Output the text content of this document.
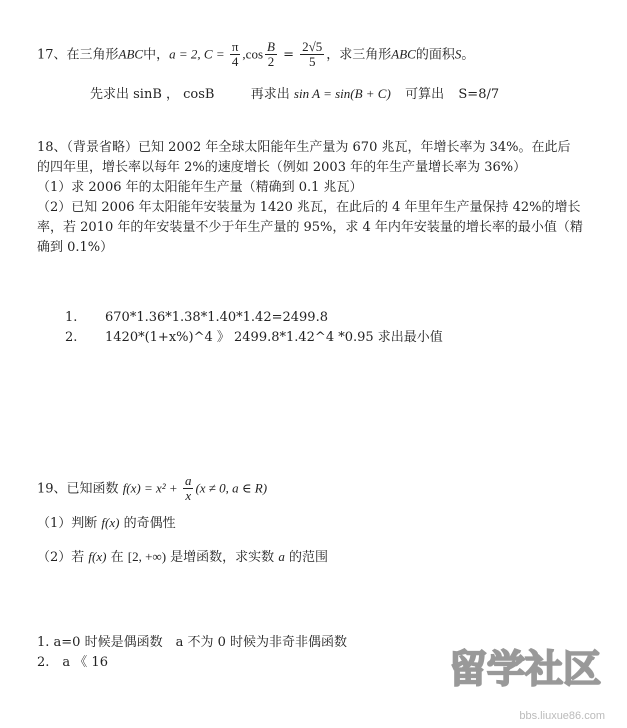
17、在三角形ABC中，a = 2, $C = \frac{\pi}{4} ,\cos \frac{B}{2} = \frac{2√5}{5}$ ，求三角形ABC的面积S。
先求出 sinB ， cosB	再求出 sin A = sin(B + C) 可算出 S=8/7
18、（背景省略）已知 2002 年全球太阳能年生产量为 670 兆瓦，年增长率为 34%。在此后
的四年里，增长率以每年 2%的速度增长（例如 2003 年的年生产量增长率为 36%）
（1）求 2006 年的太阳能年生产量（精确到 0.1 兆瓦）
（2）已知 2006 年太阳能年安装量为 1420 兆瓦，在此后的 4 年里年生产量保持 42%的增长
率，若 2010 年的年安装量不少于年生产量的 95%，求 4 年内年安装量的增长率的最小值（精
确到 0.1%）
1. 670*1.36*1.38*1.40*1.42=2499.8
2. 1420*(1+x%)^4 》 2499.8*1.42^4 *0.95 求出最小值
19、已知函数 $f(x) = x^2 + \frac{a}{x} (x \ne 0$, a ∈ R)
（1）判断 f(x) 的奇偶性
（2）若 f(x) 在 [2, +∞) 是增函数，求实数 a 的范围
1. a=0 时候是偶函数　a 不为 0 时候为非奇非偶函数
2.　a 《 16	留学社区
bbs.liuxue86.com
